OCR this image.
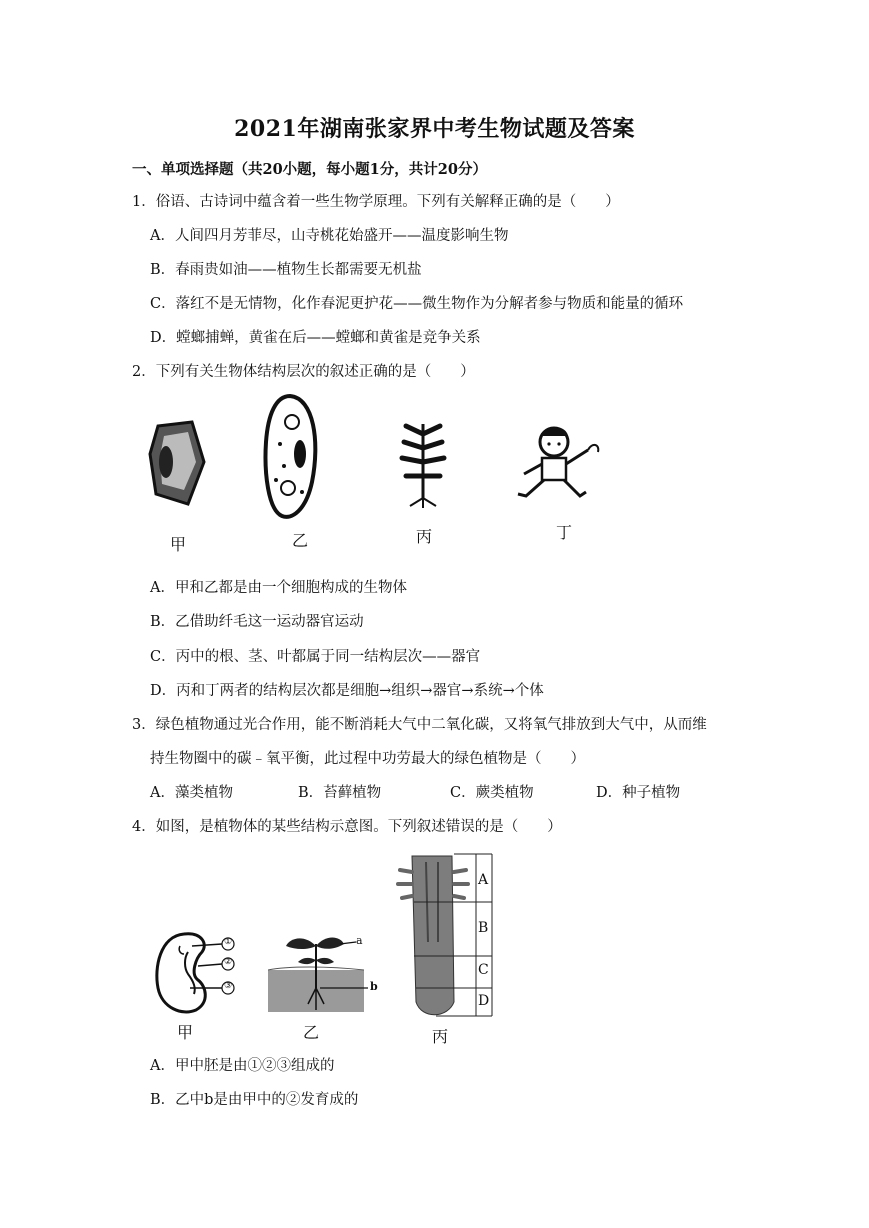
2021年湖南张家界中考生物试题及答案
一、单项选择题（共20小题，每小题1分，共计20分）
1．俗语、古诗词中蕴含着一些生物学原理。下列有关解释正确的是（　　）
A．人间四月芳菲尽，山寺桃花始盛开——温度影响生物
B．春雨贵如油——植物生长都需要无机盐
C．落红不是无情物，化作春泥更护花——微生物作为分解者参与物质和能量的循环
D．螳螂捕蝉，黄雀在后——螳螂和黄雀是竞争关系
2．下列有关生物体结构层次的叙述正确的是（　　）
甲	乙	丙	丁
A．甲和乙都是由一个细胞构成的生物体
B．乙借助纤毛这一运动器官运动
C．丙中的根、茎、叶都属于同一结构层次——器官
D．丙和丁两者的结构层次都是细胞→组织→器官→系统→个体
3．绿色植物通过光合作用，能不断消耗大气中二氧化碳，又将氧气排放到大气中，从而维
持生物圈中的碳﹣氧平衡，此过程中功劳最大的绿色植物是（　　）
A．藻类植物	B．苔藓植物	C．蕨类植物	D．种子植物
4．如图，是植物体的某些结构示意图。下列叙述错误的是（　　）
①
②
③
甲
a
b
乙
A
B
C
D
丙
A．甲中胚是由①②③组成的
B．乙中b是由甲中的②发育成的
